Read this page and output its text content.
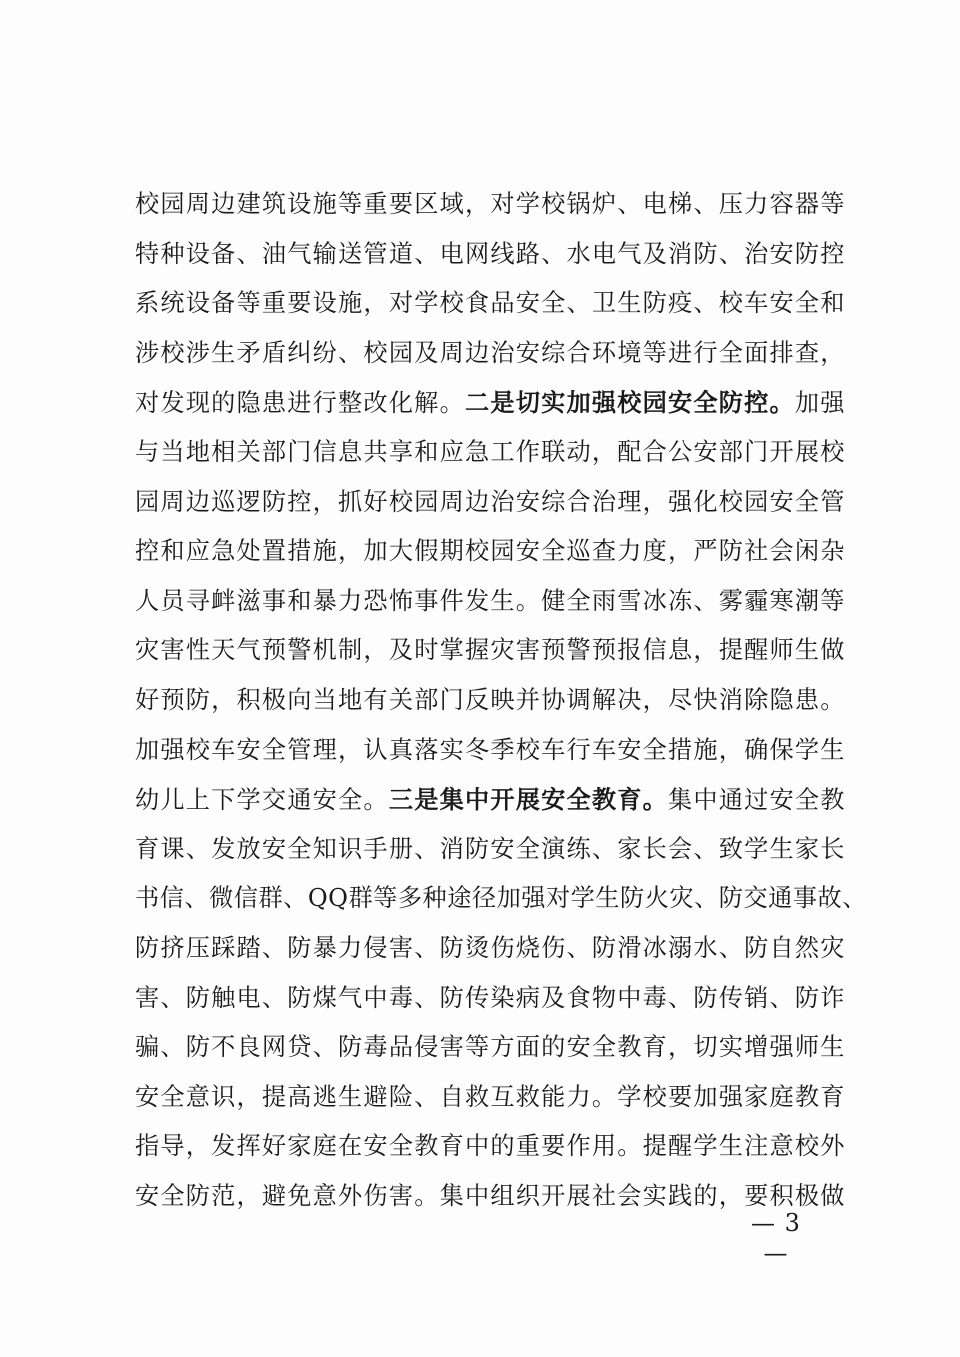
校园周边建筑设施等重要区域，对学校锅炉、电梯、压力容器等
特种设备、油气输送管道、电网线路、水电气及消防、治安防控
系统设备等重要设施，对学校食品安全、卫生防疫、校车安全和
涉校涉生矛盾纠纷、校园及周边治安综合环境等进行全面排查，
对发现的隐患进行整改化解。二是切实加强校园安全防控。加强
与当地相关部门信息共享和应急工作联动，配合公安部门开展校
园周边巡逻防控，抓好校园周边治安综合治理，强化校园安全管
控和应急处置措施，加大假期校园安全巡查力度，严防社会闲杂
人员寻衅滋事和暴力恐怖事件发生。健全雨雪冰冻、雾霾寒潮等
灾害性天气预警机制，及时掌握灾害预警预报信息，提醒师生做
好预防，积极向当地有关部门反映并协调解决，尽快消除隐患。
加强校车安全管理，认真落实冬季校车行车安全措施，确保学生
幼儿上下学交通安全。三是集中开展安全教育。集中通过安全教
育课、发放安全知识手册、消防安全演练、家长会、致学生家长
书信、微信群、QQ群等多种途径加强对学生防火灾、防交通事故、
防挤压踩踏、防暴力侵害、防烫伤烧伤、防滑冰溺水、防自然灾
害、防触电、防煤气中毒、防传染病及食物中毒、防传销、防诈
骗、防不良网贷、防毒品侵害等方面的安全教育，切实增强师生
安全意识，提高逃生避险、自救互救能力。学校要加强家庭教育
指导，发挥好家庭在安全教育中的重要作用。提醒学生注意校外
安全防范，避免意外伤害。集中组织开展社会实践的，要积极做
— 3 —
